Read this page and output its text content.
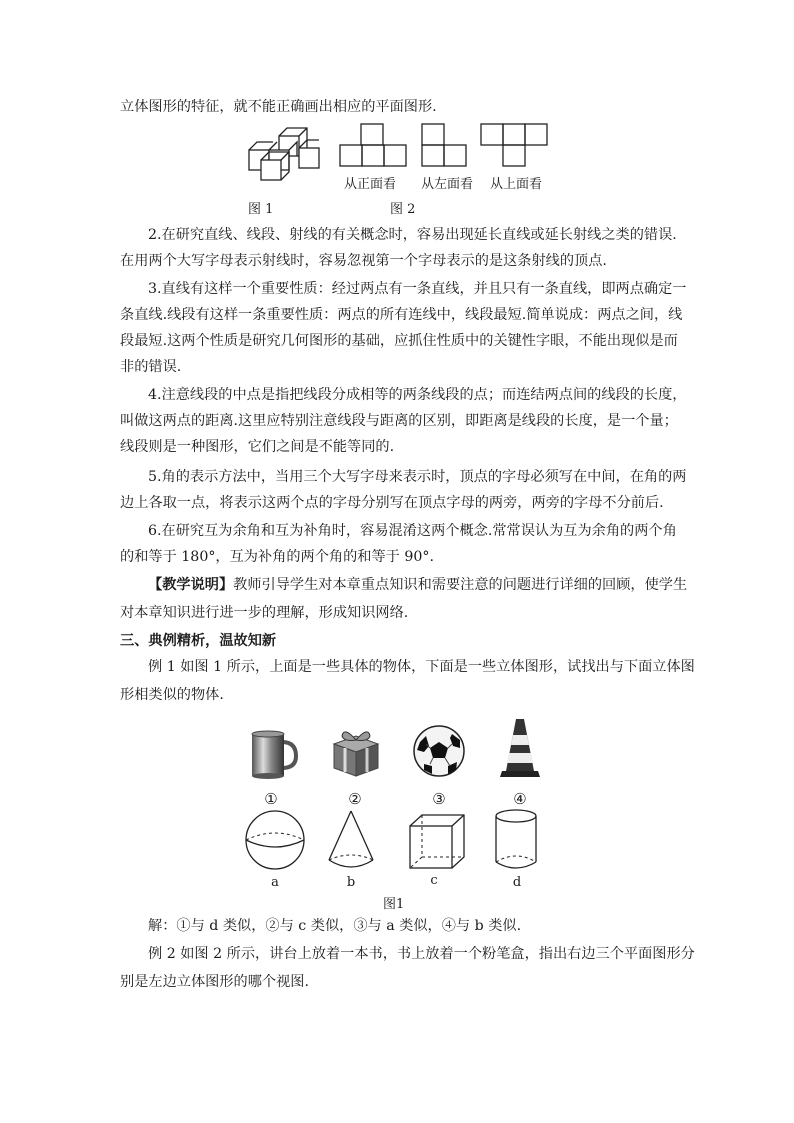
立体图形的特征，就不能正确画出相应的平面图形.
从正面看 从左面看 从上面看
图 1	图 2
2.在研究直线、线段、射线的有关概念时，容易出现延长直线或延长射线之类的错误.
在用两个大写字母表示射线时，容易忽视第一个字母表示的是这条射线的顶点.
3.直线有这样一个重要性质：经过两点有一条直线，并且只有一条直线，即两点确定一
条直线.线段有这样一条重要性质：两点的所有连线中，线段最短.简单说成：两点之间，线
段最短.这两个性质是研究几何图形的基础，应抓住性质中的关键性字眼，不能出现似是而
非的错误.
4.注意线段的中点是指把线段分成相等的两条线段的点；而连结两点间的线段的长度，
叫做这两点的距离.这里应特别注意线段与距离的区别，即距离是线段的长度，是一个量；
线段则是一种图形，它们之间是不能等同的.
5.角的表示方法中，当用三个大写字母来表示时，顶点的字母必须写在中间，在角的两
边上各取一点，将表示这两个点的字母分别写在顶点字母的两旁，两旁的字母不分前后.
6.在研究互为余角和互为补角时，容易混淆这两个概念.常常误认为互为余角的两个角
的和等于 180°，互为补角的两个角的和等于 90°.
【教学说明】教师引导学生对本章重点知识和需要注意的问题进行详细的回顾，使学生
对本章知识进行进一步的理解，形成知识网络.
三、典例精析，温故知新
例 1 如图 1 所示，上面是一些具体的物体，下面是一些立体图形，试找出与下面立体图
形相类似的物体.
①	②	③	④
a	b	c	d
图1
解：①与 d 类似，②与 c 类似，③与 a 类似，④与 b 类似.
例 2 如图 2 所示，讲台上放着一本书，书上放着一个粉笔盒，指出右边三个平面图形分
别是左边立体图形的哪个视图.
